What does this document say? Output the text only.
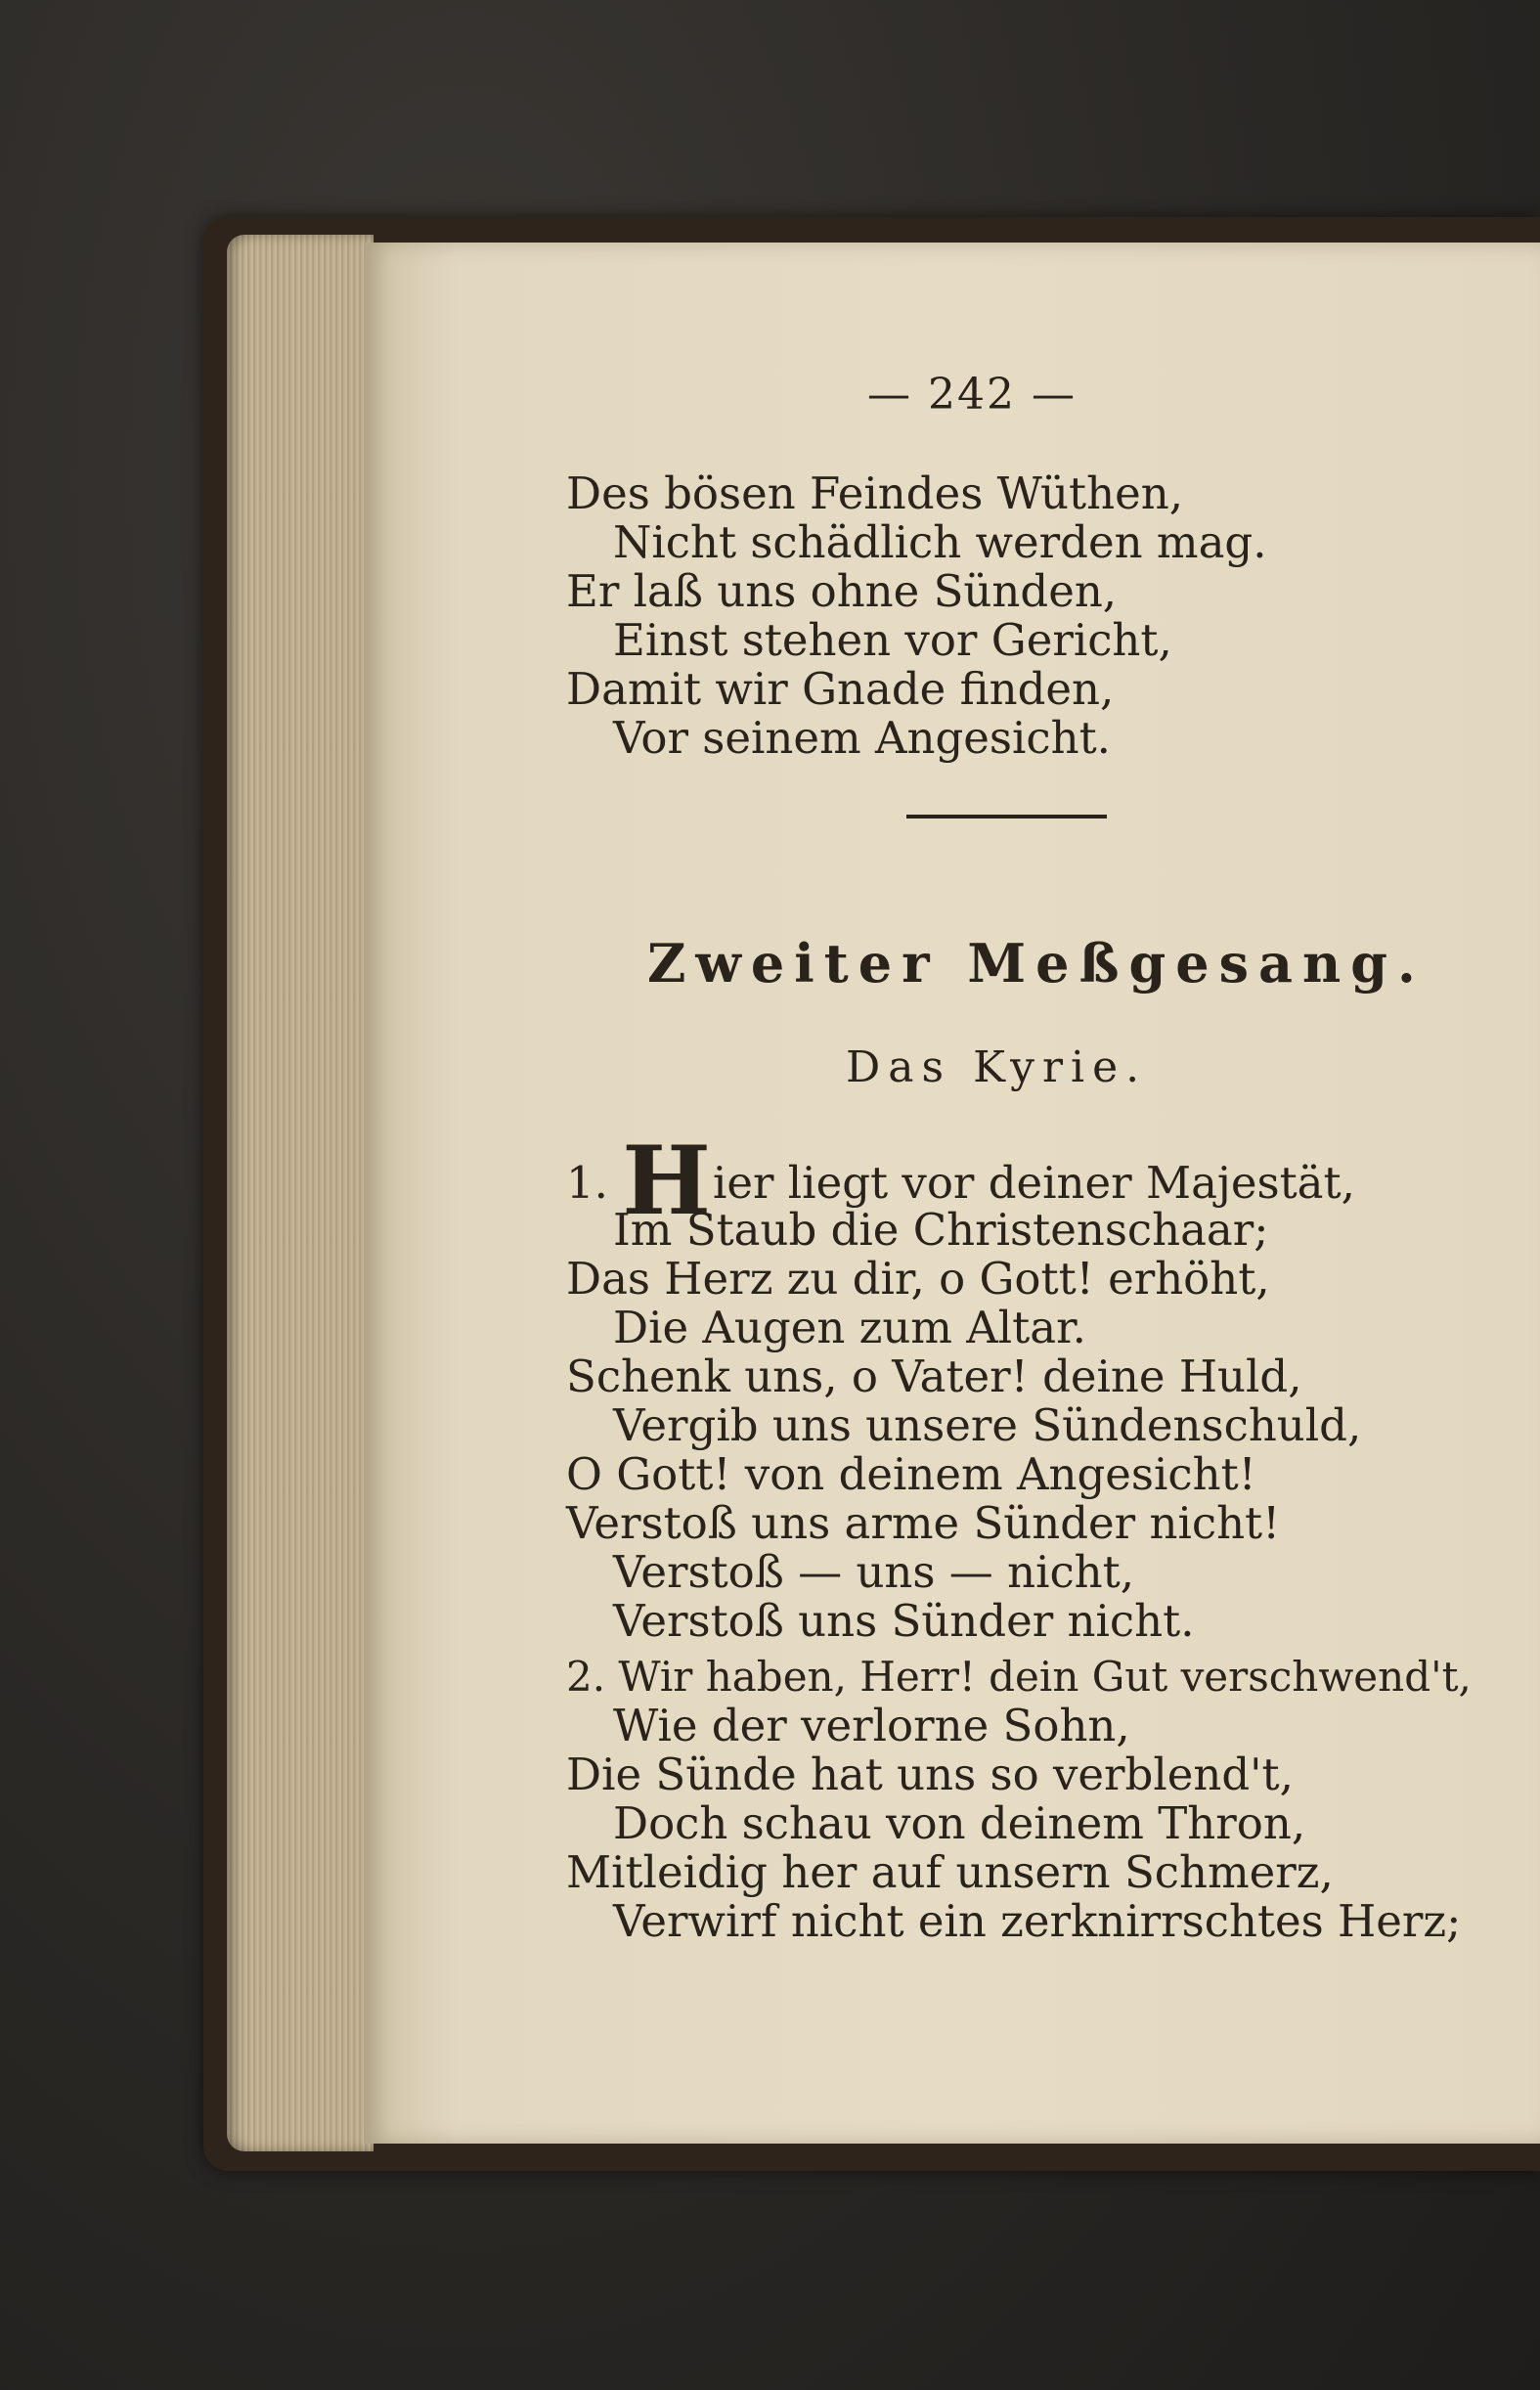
— 242 —
Des bösen Feindes Wüthen,
Nicht schädlich werden mag.
Er laß uns ohne Sünden,
Einst stehen vor Gericht,
Damit wir Gnade finden,
Vor seinem Angesicht.
Zweiter Meßgesang.
Das Kyrie.
1. Hier liegt vor deiner Majestät,
Im Staub die Christenschaar;
Das Herz zu dir, o Gott! erhöht,
Die Augen zum Altar.
Schenk uns, o Vater! deine Huld,
Vergib uns unsere Sündenschuld,
O Gott! von deinem Angesicht!
Verstoß uns arme Sünder nicht!
Verstoß — uns — nicht,
Verstoß uns Sünder nicht.
2. Wir haben, Herr! dein Gut verschwend't,
Wie der verlorne Sohn,
Die Sünde hat uns so verblend't,
Doch schau von deinem Thron,
Mitleidig her auf unsern Schmerz,
Verwirf nicht ein zerknirrschtes Herz;
